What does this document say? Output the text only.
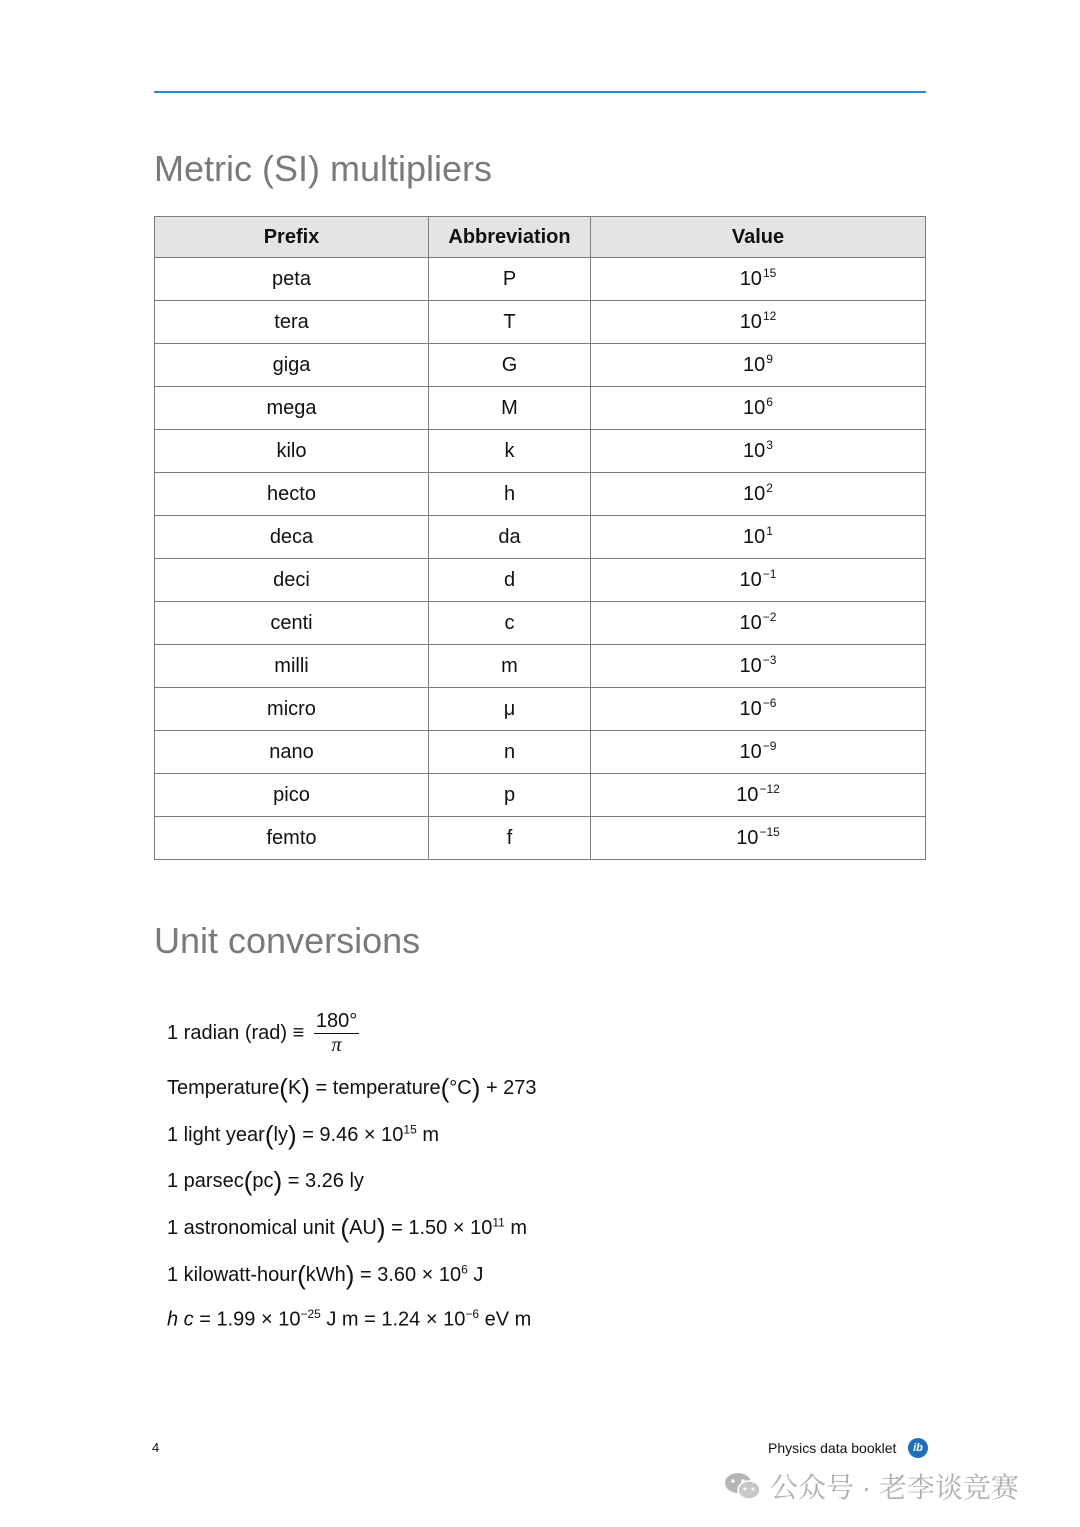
Metric (SI) multipliers
Prefix	Abbreviation	Value
peta	P	$10^{15}$
tera	T	$10^{12}$
giga	G	$10^9$
mega	M	$10^6$
kilo	k	$10^3$
hecto	h	$10^2$
deca	da	$10^1$
deci	d	$10^{-1}$
centi	c	$10^{-2}$
milli	m	$10^{-3}$
micro	μ	$10^{-6}$
nano	n	$10^{-9}$
pico	p	$10^{-12}$
femto	f	$10^{-15}$
Unit conversions
1 radian $(rad) \equiv \frac{180^\circ}{\pi}$
Temperature(K) = temperature(°C) + 273
1 light year(ly) = $9.46 \times 10^{15}$ m
1 parsec(pc) = 3.26 ly
1 astronomical unit $(AU) = 1.50 \times 10^{11}$ m
1 kilowatt-hour(kWh) = $3.60 \times 10^6$ J
h $c = 1.99 \times 10^{-25}$ J $m = 1.24 \times 10^{-6}$ eV m
4	Physics data booklet	ib
公众号 · 老李谈竞赛
